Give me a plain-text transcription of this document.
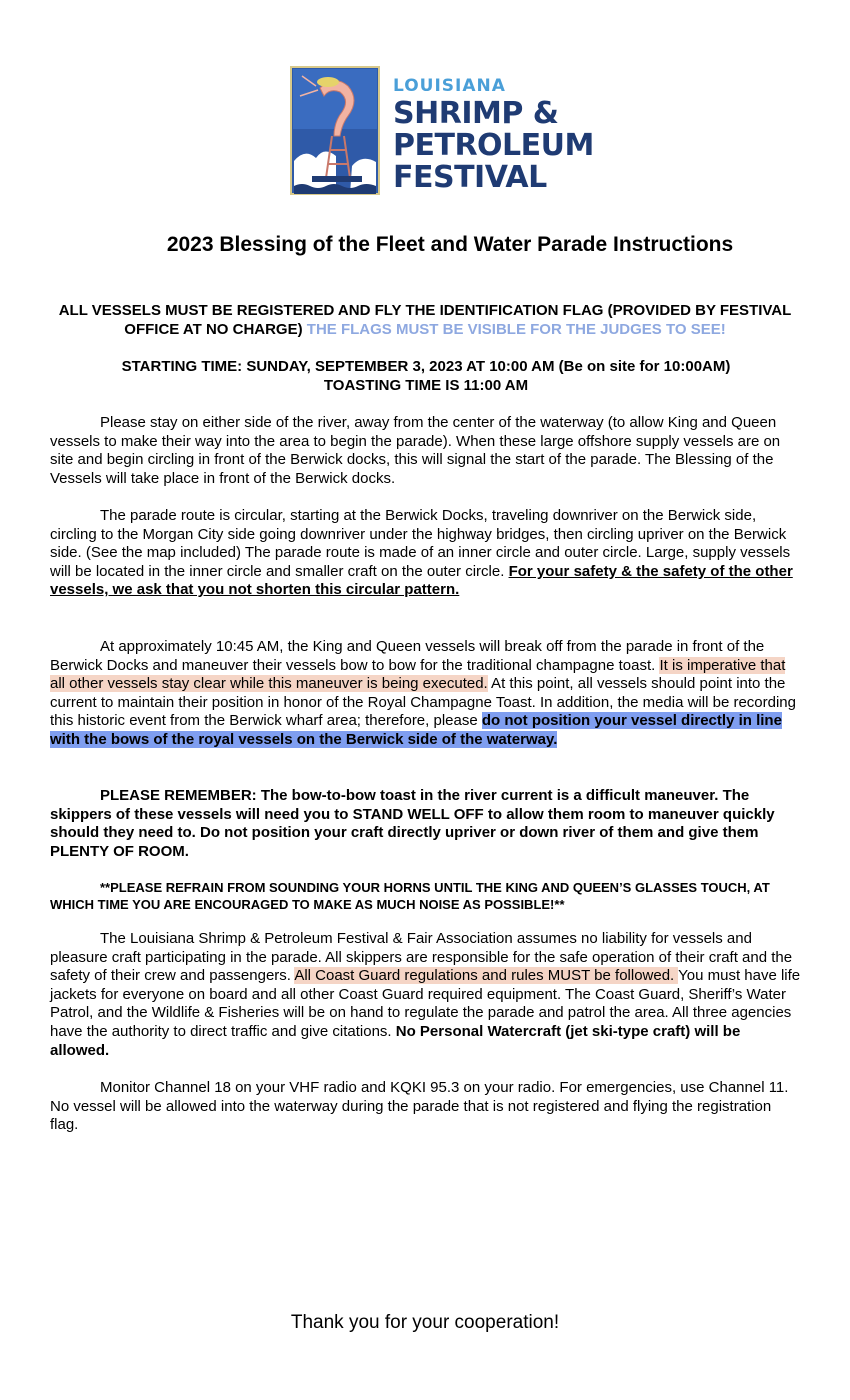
LOUISIANA
SHRIMP &
PETROLEUM
FESTIVAL
2023 Blessing of the Fleet and Water Parade Instructions
ALL VESSELS MUST BE REGISTERED AND FLY THE IDENTIFICATION FLAG (PROVIDED BY FESTIVAL OFFICE AT NO CHARGE) THE FLAGS MUST BE VISIBLE FOR THE JUDGES TO SEE!
STARTING TIME: SUNDAY, SEPTEMBER 3, 2023 AT 10:00 AM (Be on site for 10:00AM)
TOASTING TIME IS 11:00 AM
Please stay on either side of the river, away from the center of the waterway (to allow King and Queen vessels to make their way into the area to begin the parade). When these large offshore supply vessels are on site and begin circling in front of the Berwick docks, this will signal the start of the parade. The Blessing of the Vessels will take place in front of the Berwick docks.
The parade route is circular, starting at the Berwick Docks, traveling downriver on the Berwick side, circling to the Morgan City side going downriver under the highway bridges, then circling upriver on the Berwick side. (See the map included) The parade route is made of an inner circle and outer circle. Large, supply vessels will be located in the inner circle and smaller craft on the outer circle. For your safety & the safety of the other vessels, we ask that you not shorten this circular pattern.
At approximately 10:45 AM, the King and Queen vessels will break off from the parade in front of the Berwick Docks and maneuver their vessels bow to bow for the traditional champagne toast. It is imperative that all other vessels stay clear while this maneuver is being executed. At this point, all vessels should point into the current to maintain their position in honor of the Royal Champagne Toast. In addition, the media will be recording this historic event from the Berwick wharf area; therefore, please do not position your vessel directly in line with the bows of the royal vessels on the Berwick side of the waterway.
PLEASE REMEMBER: The bow-to-bow toast in the river current is a difficult maneuver. The skippers of these vessels will need you to STAND WELL OFF to allow them room to maneuver quickly should they need to. Do not position your craft directly upriver or down river of them and give them PLENTY OF ROOM.
**PLEASE REFRAIN FROM SOUNDING YOUR HORNS UNTIL THE KING AND QUEEN’S GLASSES TOUCH, AT WHICH TIME YOU ARE ENCOURAGED TO MAKE AS MUCH NOISE AS POSSIBLE!**
The Louisiana Shrimp & Petroleum Festival & Fair Association assumes no liability for vessels and pleasure craft participating in the parade. All skippers are responsible for the safe operation of their craft and the safety of their crew and passengers. All Coast Guard regulations and rules MUST be followed. You must have life jackets for everyone on board and all other Coast Guard required equipment. The Coast Guard, Sheriff’s Water Patrol, and the Wildlife & Fisheries will be on hand to regulate the parade and patrol the area. All three agencies have the authority to direct traffic and give citations. No Personal Watercraft (jet ski-type craft) will be allowed.
Monitor Channel 18 on your VHF radio and KQKI 95.3 on your radio. For emergencies, use Channel 11. No vessel will be allowed into the waterway during the parade that is not registered and flying the registration flag.
Thank you for your cooperation!
